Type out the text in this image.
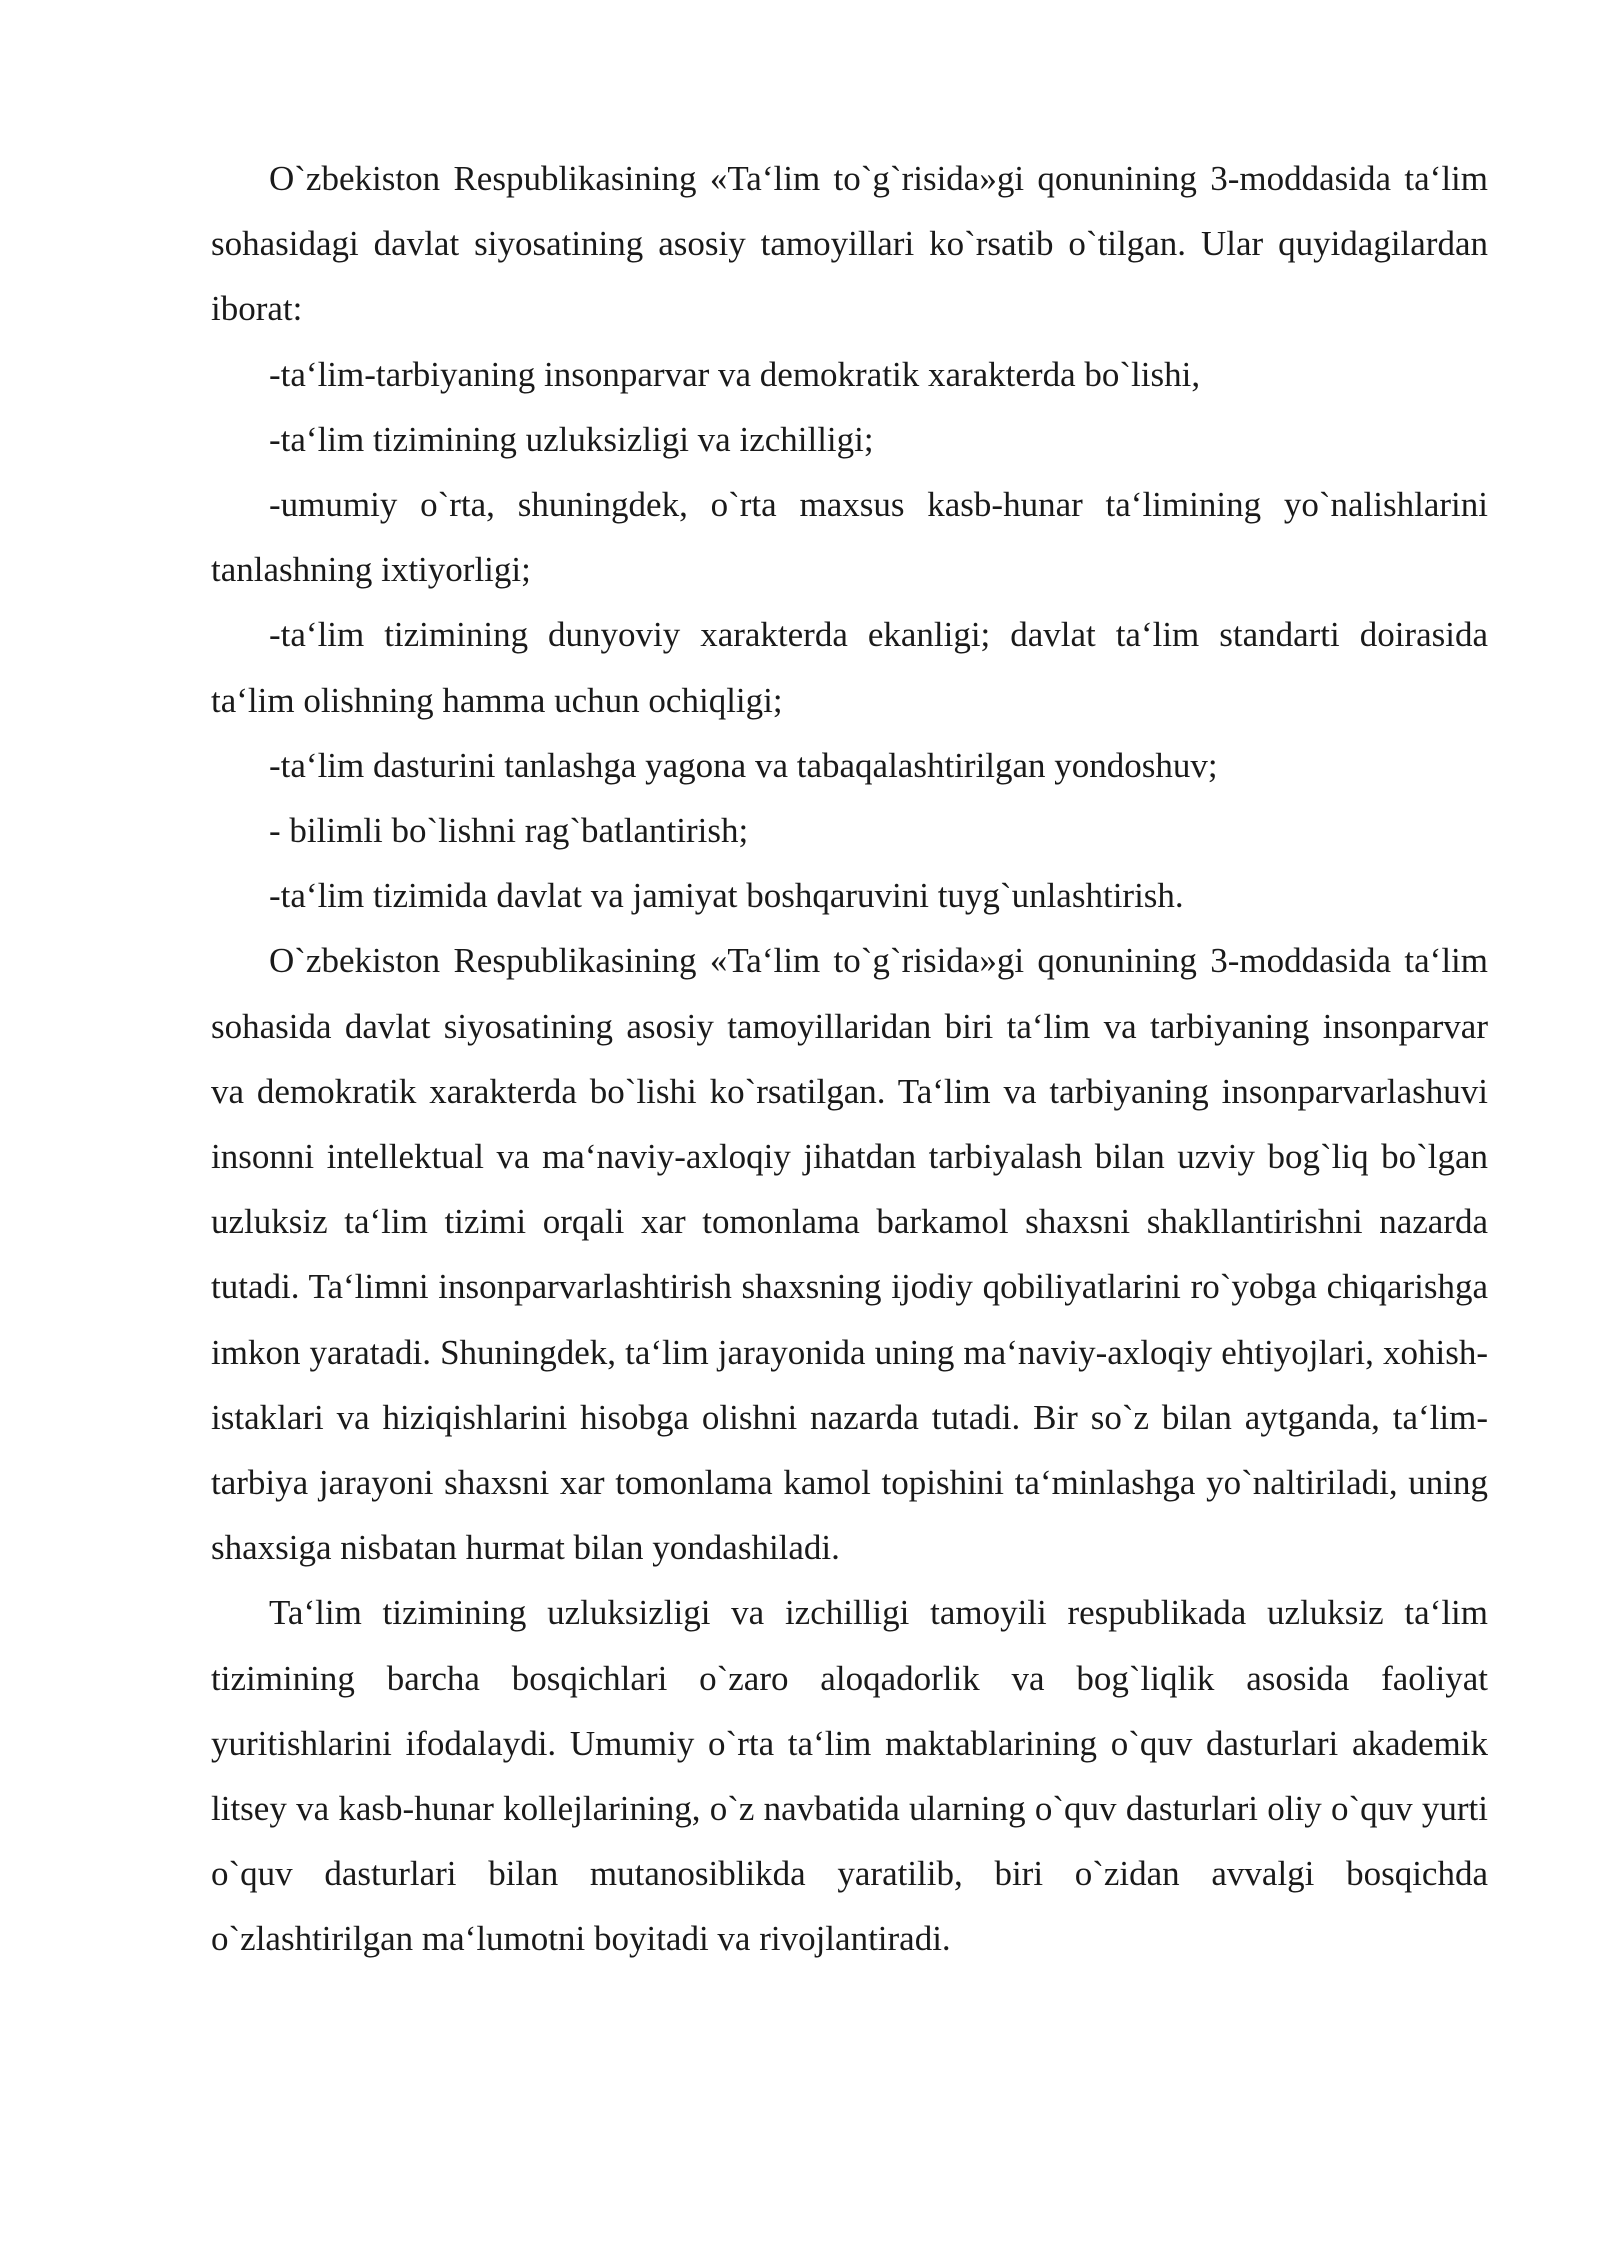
O`zbekiston Respublikasining «Ta‘lim to`g`risida»gi qonunining 3-moddasida ta‘lim sohasidagi davlat siyosatining asosiy tamoyillari ko`rsatib o`tilgan. Ular quyidagilardan iborat:

-ta‘lim-tarbiyaning insonparvar va demokratik xarakterda bo`lishi,

-ta‘lim tizimining uzluksizligi va izchilligi;

-umumiy o`rta, shuningdek, o`rta maxsus kasb-hunar ta‘limining yo`nalishlarini tanlashning ixtiyorligi;

-ta‘lim tizimining dunyoviy xarakterda ekanligi; davlat ta‘lim standarti doirasida ta‘lim olishning hamma uchun ochiqligi;

-ta‘lim dasturini tanlashga yagona va tabaqalashtirilgan yondoshuv;

- bilimli bo`lishni rag`batlantirish;

-ta‘lim tizimida davlat va jamiyat boshqaruvini tuyg`unlashtirish.

O`zbekiston Respublikasining «Ta‘lim to`g`risida»gi qonunining 3-moddasida ta‘lim sohasida davlat siyosatining asosiy tamoyillaridan biri ta‘lim va tarbiyaning insonparvar va demokratik xarakterda bo`lishi ko`rsatilgan. Ta‘lim va tarbiyaning insonparvarlashuvi insonni intellektual va ma‘naviy-axloqiy jihatdan tarbiyalash bilan uzviy bog`liq bo`lgan uzluksiz ta‘lim tizimi orqali xar tomonlama barkamol shaxsni shakllantirishni nazarda tutadi. Ta‘limni insonparvarlashtirish shaxsning ijodiy qobiliyatlarini ro`yobga chiqarishga imkon yaratadi. Shuningdek, ta‘lim jarayonida uning ma‘naviy-axloqiy ehtiyojlari, xohish-istaklari va hiziqishlarini hisobga olishni nazarda tutadi. Bir so`z bilan aytganda, ta‘lim-tarbiya jarayoni shaxsni xar tomonlama kamol topishini ta‘minlashga yo`naltiriladi, uning shaxsiga nisbatan hurmat bilan yondashiladi.

Ta‘lim tizimining uzluksizligi va izchilligi tamoyili respublikada uzluksiz ta‘lim tizimining barcha bosqichlari o`zaro aloqadorlik va bog`liqlik asosida faoliyat yuritishlarini ifodalaydi. Umumiy o`rta ta‘lim maktablarining o`quv dasturlari akademik litsey va kasb-hunar kollejlarining, o`z navbatida ularning o`quv dasturlari oliy o`quv yurti o`quv dasturlari bilan mutanosiblikda yaratilib, biri o`zidan avvalgi bosqichda o`zlashtirilgan ma‘lumotni boyitadi va rivojlantiradi.
